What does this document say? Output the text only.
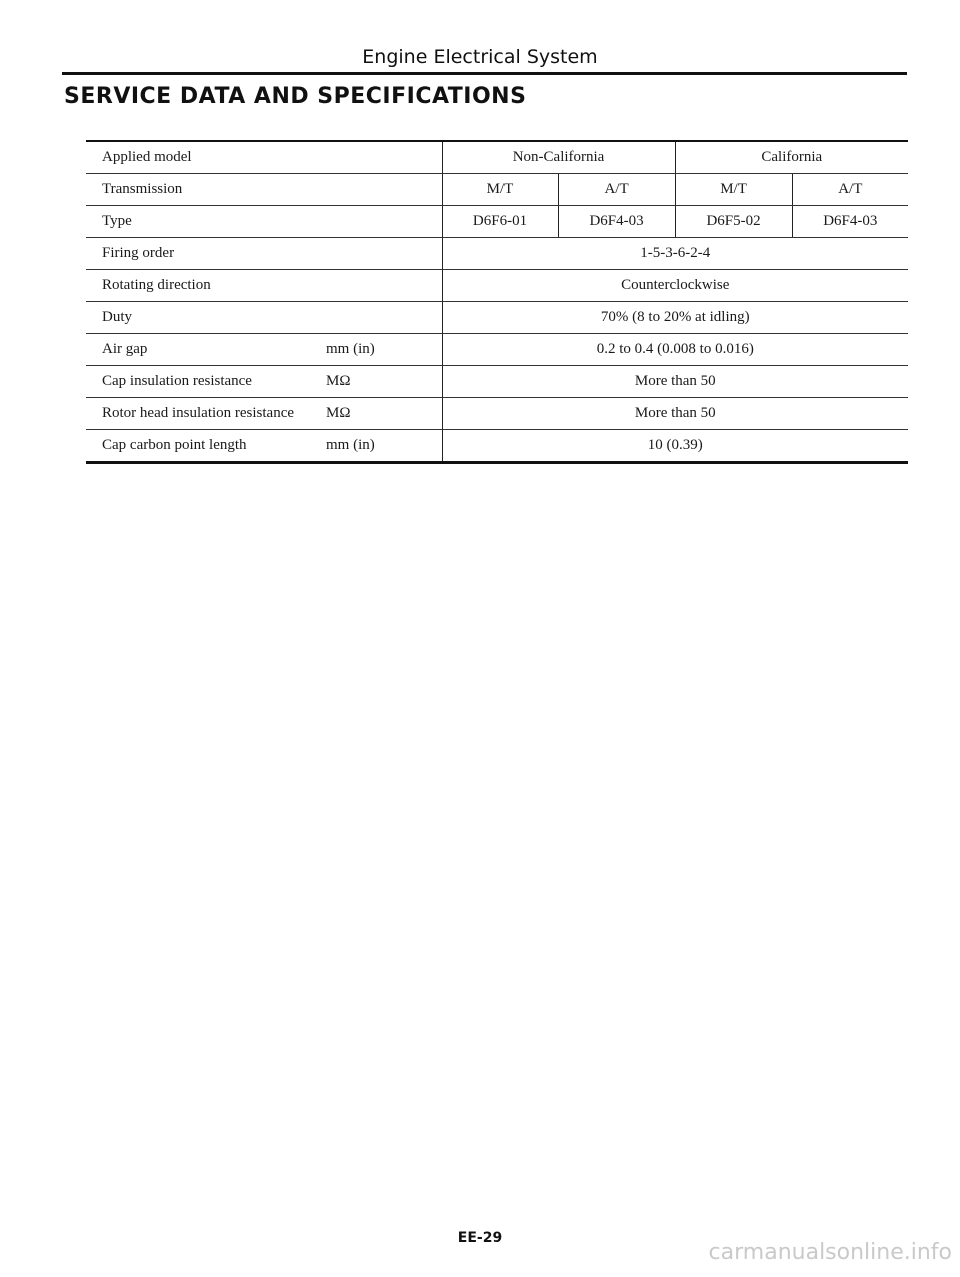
Engine Electrical System
SERVICE DATA AND SPECIFICATIONS
Applied model		Non-California		California	
Transmission		M/T	A/T	M/T	A/T
Type		D6F6-01	D6F4-03	D6F5-02	D6F4-03
Firing order		1-5-3-6-2-4			
Rotating direction		Counterclockwise			
Duty		70% (8 to 20% at idling)			
Air gap	mm (in)	0.2 to 0.4 (0.008 to 0.016)			
Cap insulation resistance	MΩ	More than 50			
Rotor head insulation resistance	MΩ	More than 50			
Cap carbon point length	mm (in)	10 (0.39)			
EE-29
carmanualsonline.info
